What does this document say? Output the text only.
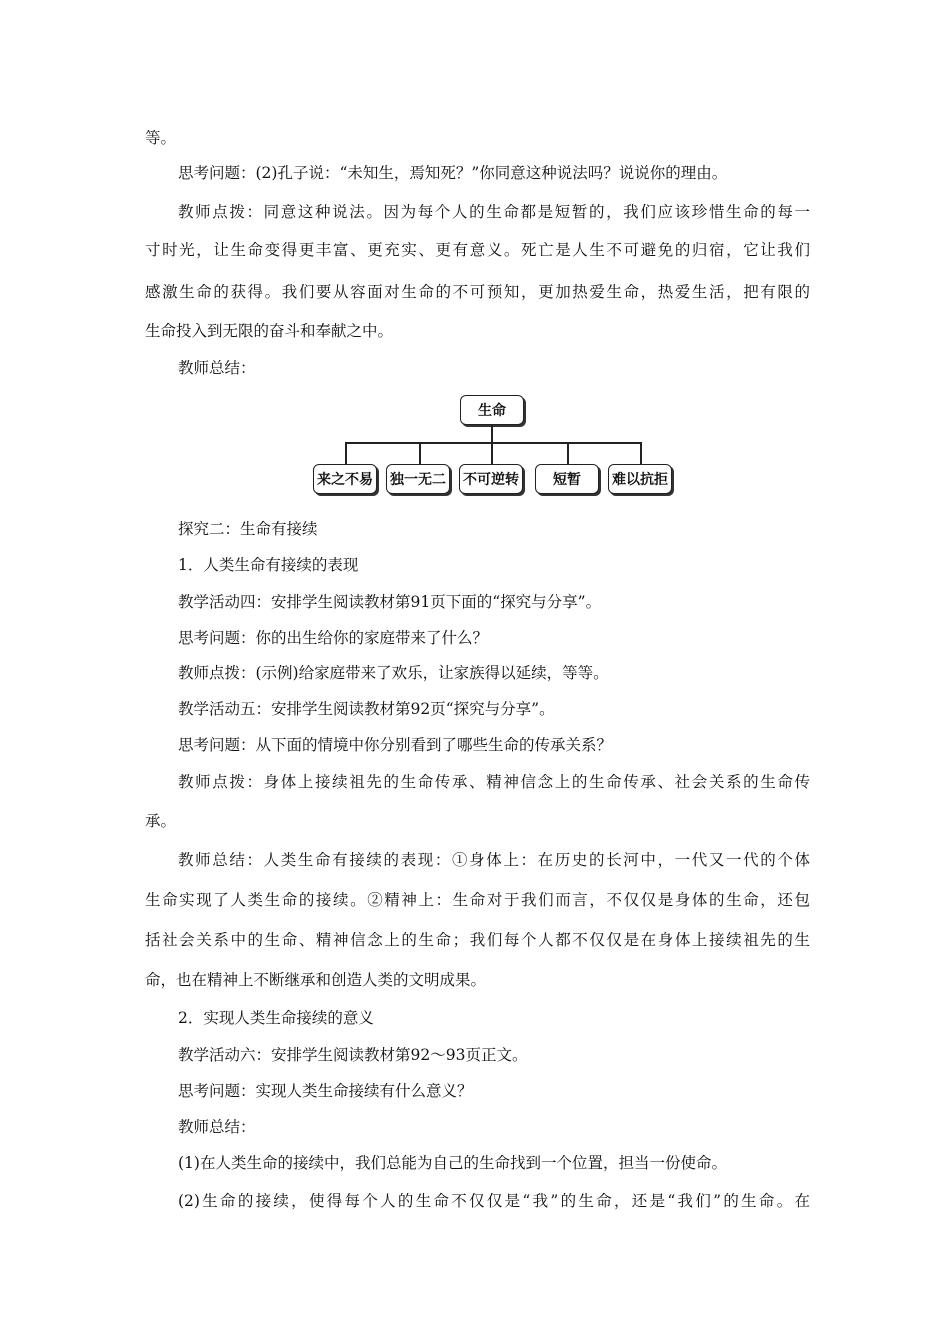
等。
思考问题：(2)孔子说：“未知生，焉知死？”你同意这种说法吗？说说你的理由。
教师点拨：同意这种说法。因为每个人的生命都是短暂的，我们应该珍惜生命的每一
寸时光，让生命变得更丰富、更充实、更有意义。死亡是人生不可避免的归宿，它让我们
感激生命的获得。我们要从容面对生命的不可预知，更加热爱生命，热爱生活，把有限的
生命投入到无限的奋斗和奉献之中。
教师总结：
生命
来之不易 独一无二 不可逆转	短暂	难以抗拒
探究二：生命有接续
1．人类生命有接续的表现
教学活动四：安排学生阅读教材第91页下面的“探究与分享”。
思考问题：你的出生给你的家庭带来了什么？
教师点拨：(示例)给家庭带来了欢乐，让家族得以延续，等等。
教学活动五：安排学生阅读教材第92页“探究与分享”。
思考问题：从下面的情境中你分别看到了哪些生命的传承关系？
教师点拨：身体上接续祖先的生命传承、精神信念上的生命传承、社会关系的生命传
承。
教师总结：人类生命有接续的表现：①身体上：在历史的长河中，一代又一代的个体
生命实现了人类生命的接续。②精神上：生命对于我们而言，不仅仅是身体的生命，还包
括社会关系中的生命、精神信念上的生命；我们每个人都不仅仅是在身体上接续祖先的生
命，也在精神上不断继承和创造人类的文明成果。
2．实现人类生命接续的意义
教学活动六：安排学生阅读教材第92～93页正文。
思考问题：实现人类生命接续有什么意义？
教师总结：
(1)在人类生命的接续中，我们总能为自己的生命找到一个位置，担当一份使命。
(2)生命的接续，使得每个人的生命不仅仅是“我”的生命，还是“我们”的生命。在
